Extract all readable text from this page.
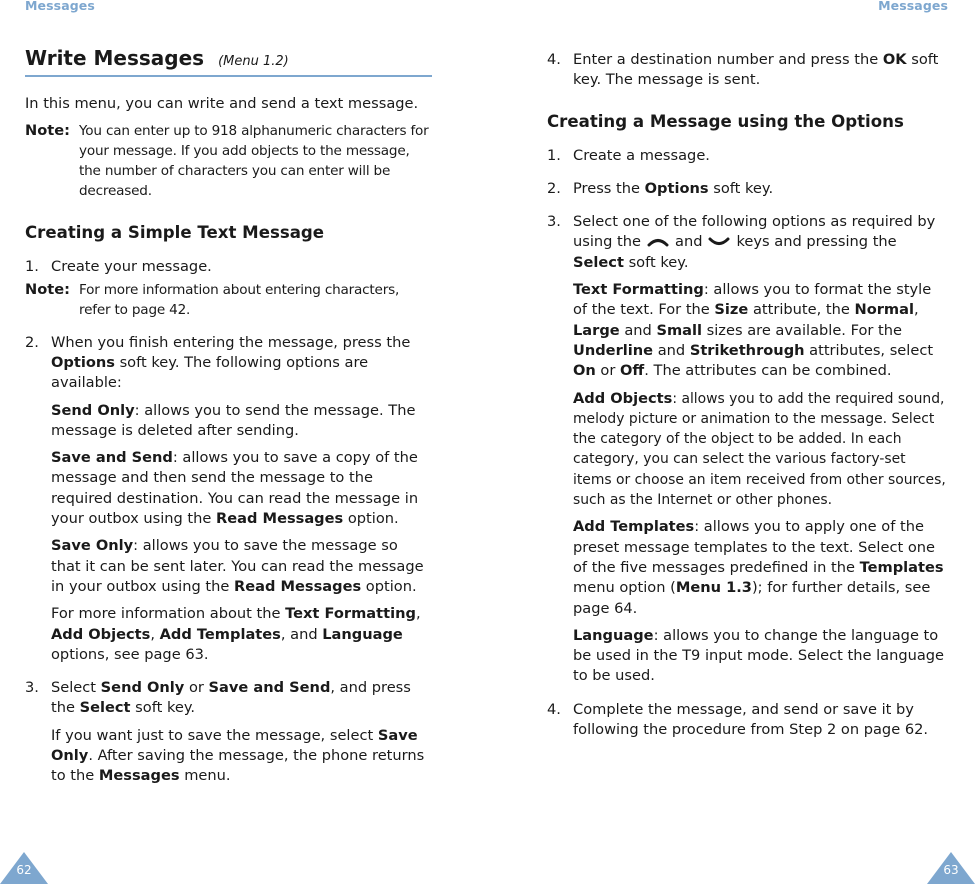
Messages
Write Messages (Menu 1.2)

In this menu, you can write and send a text message.

Note: You can enter up to 918 alphanumeric characters for your message. If you add objects to the message, the number of characters you can enter will be decreased.
Creating a Simple Text Message
1. Create your message.
Note: For more information about entering characters, refer to page 42.
2. When you finish entering the message, press the Options soft key. The following options are available:

Send Only: allows you to send the message. The message is deleted after sending.

Save and Send: allows you to save a copy of the message and then send the message to the required destination. You can read the message in your outbox using the Read Messages option.

Save Only: allows you to save the message so that it can be sent later. You can read the message in your outbox using the Read Messages option.

For more information about the Text Formatting, Add Objects, Add Templates, and Language options, see page 63.

3. Select Send Only or Save and Send, and press the Select soft key.

If you want just to save the message, select Save Only. After saving the message, the phone returns to the Messages menu.

62
Messages
4. Enter a destination number and press the OK soft key. The message is sent.

Creating a Message using the Options
1. Create a message.
2. Press the Options soft key.

3. Select one of the following options as required by using the and keys and pressing the Select soft key.

Text Formatting: allows you to format the style of the text. For the Size attribute, the Normal, Large and Small sizes are available. For the Underline and Strikethrough attributes, select On or Off. The attributes can be combined.

Add Objects: allows you to add the required sound, melody picture or animation to the message. Select the category of the object to be added. In each category, you can select the various factory-set items or choose an item received from other sources, such as the Internet or other phones.

Add Templates: allows you to apply one of the preset message templates to the text. Select one of the five messages predefined in the Templates menu option (Menu 1.3); for further details, see page 64.

Language: allows you to change the language to be used in the T9 input mode. Select the language to be used.

4. Complete the message, and send or save it by following the procedure from Step 2 on page 62.
63
